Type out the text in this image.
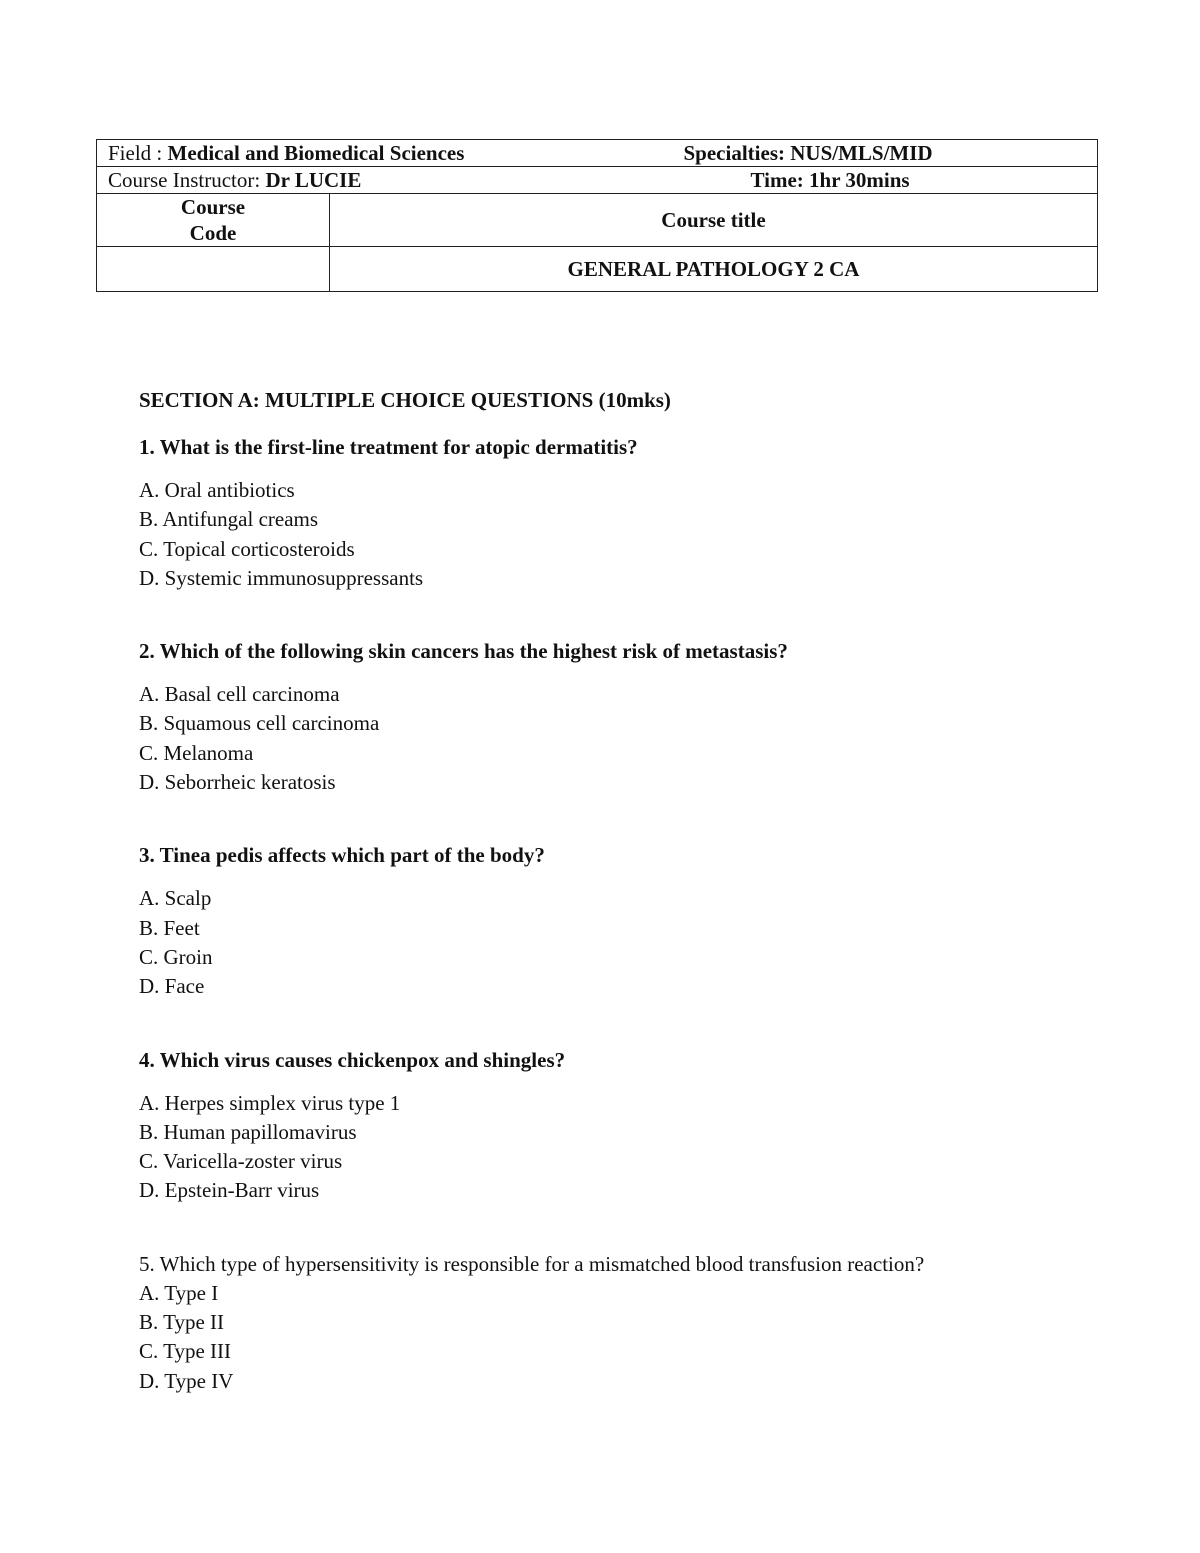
Field : Medical and Biomedical Sciences Specialties: NUS/MLS/MID	

Course Instructor: Dr LUCIE Time: 1hr 30mins	

Course
Code	Course title
	GENERAL PATHOLOGY 2 CA
SECTION A: MULTIPLE CHOICE QUESTIONS (10mks)
1. What is the first-line treatment for atopic dermatitis?
A. Oral antibiotics
B. Antifungal creams
C. Topical corticosteroids
D. Systemic immunosuppressants
2. Which of the following skin cancers has the highest risk of metastasis?
A. Basal cell carcinoma
B. Squamous cell carcinoma
C. Melanoma
D. Seborrheic keratosis
3. Tinea pedis affects which part of the body?
A. Scalp
B. Feet
C. Groin
D. Face
4. Which virus causes chickenpox and shingles?
A. Herpes simplex virus type 1
B. Human papillomavirus
C. Varicella-zoster virus
D. Epstein-Barr virus
5. Which type of hypersensitivity is responsible for a mismatched blood transfusion reaction?
A. Type I
B. Type II
C. Type III
D. Type IV
